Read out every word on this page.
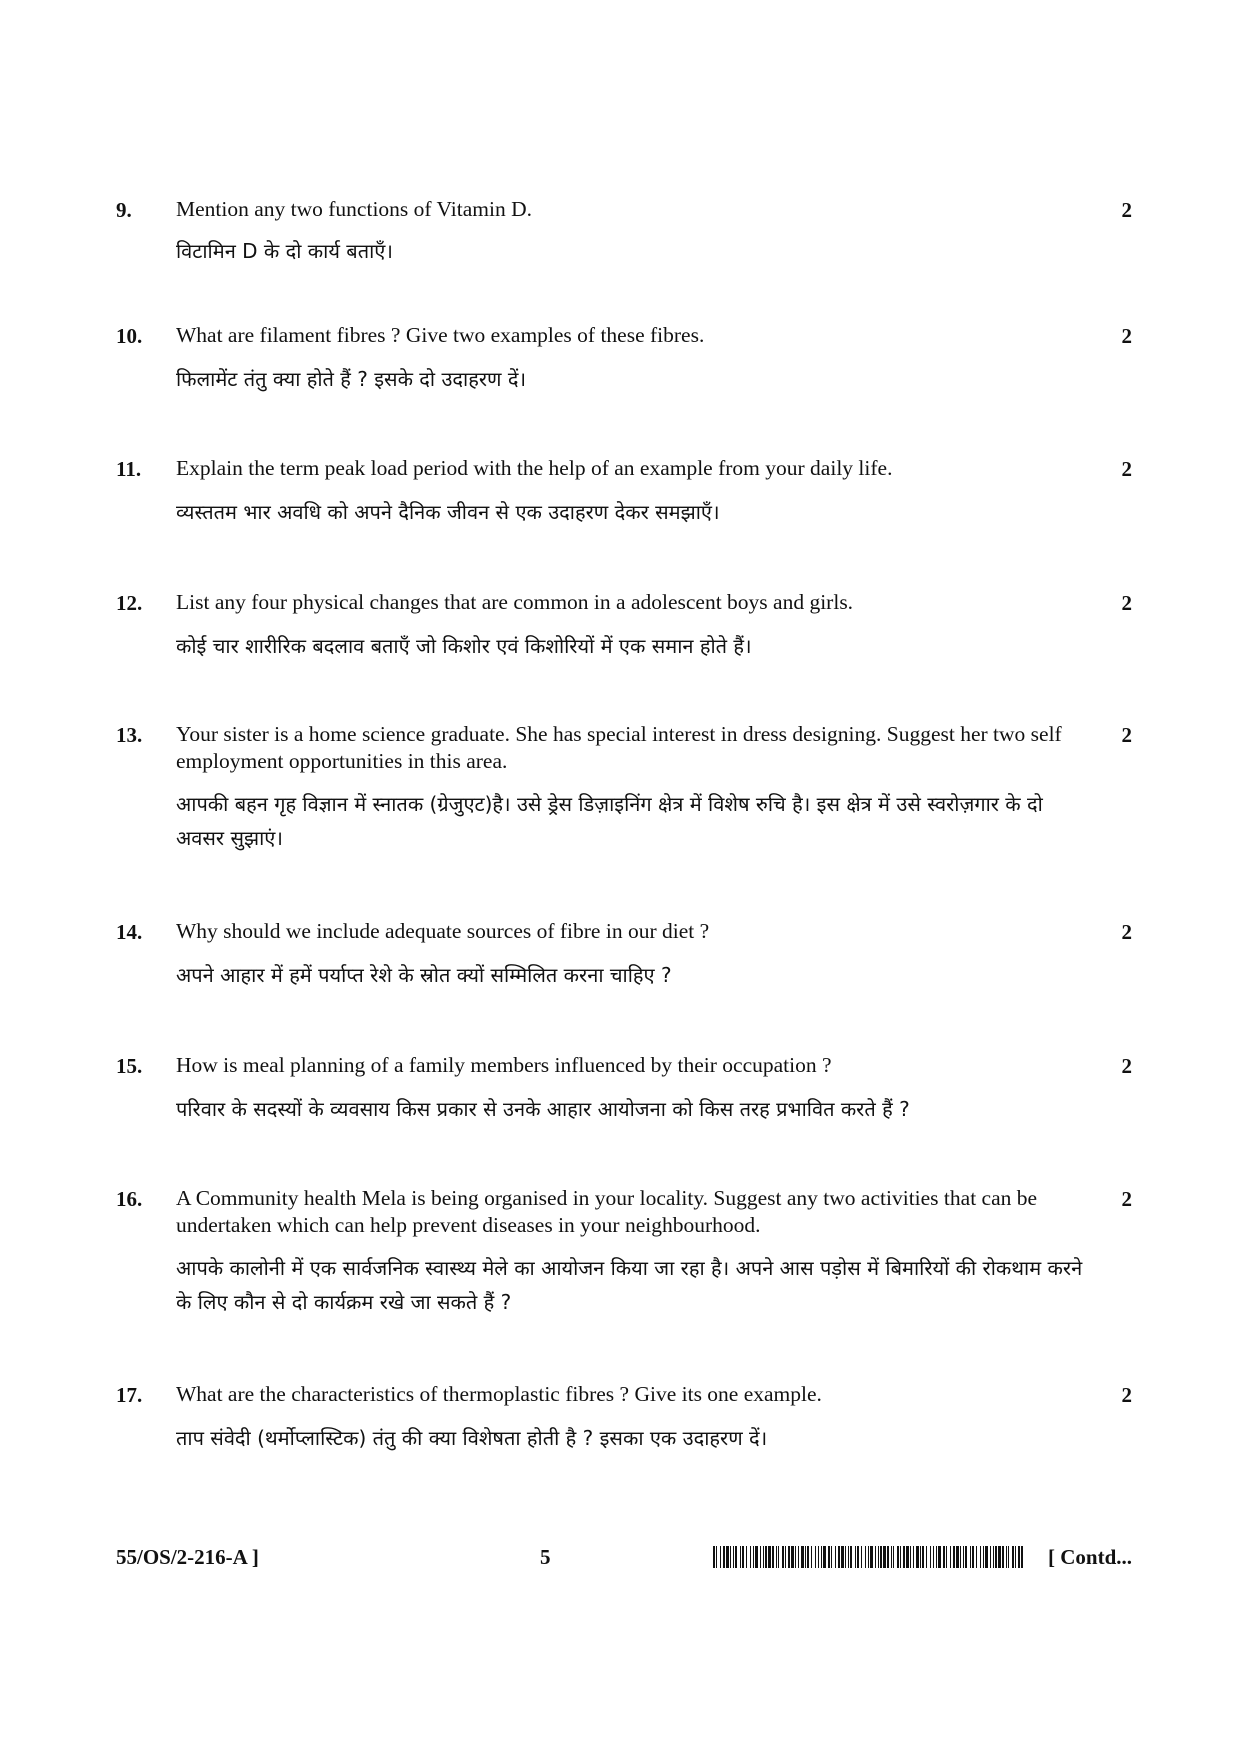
9. Mention any two functions of Vitamin D.
विटामिन D के दो कार्य बताएँ।
2
10. What are filament fibres ? Give two examples of these fibres.
फिलामेंट तंतु क्या होते हैं ? इसके दो उदाहरण दें।
2
11. Explain the term peak load period with the help of an example from your daily life.
व्यस्ततम भार अवधि को अपने दैनिक जीवन से एक उदाहरण देकर समझाएँ।
2
12. List any four physical changes that are common in a adolescent boys and girls.
कोई चार शारीरिक बदलाव बताएँ जो किशोर एवं किशोरियों में एक समान होते हैं।
2
13. Your sister is a home science graduate. She has special interest in dress designing. Suggest her two self employment opportunities in this area.
आपकी बहन गृह विज्ञान में स्नातक (ग्रेजुएट)है। उसे ड्रेस डिज़ाइनिंग क्षेत्र में विशेष रुचि है। इस क्षेत्र में उसे स्वरोज़गार के दो अवसर सुझाएं।
2
14. Why should we include adequate sources of fibre in our diet ?
अपने आहार में हमें पर्याप्त रेशे के स्रोत क्यों सम्मिलित करना चाहिए ?
2
15. How is meal planning of a family members influenced by their occupation ?
परिवार के सदस्यों के व्यवसाय किस प्रकार से उनके आहार आयोजना को किस तरह प्रभावित करते हैं ?
2
16. A Community health Mela is being organised in your locality. Suggest any two activities that can be undertaken which can help prevent diseases in your neighbourhood.
आपके कालोनी में एक सार्वजनिक स्वास्थ्य मेले का आयोजन किया जा रहा है। अपने आस पड़ोस में बिमारियों की रोकथाम करने के लिए कौन से दो कार्यक्रम रखे जा सकते हैं ?
2
17. What are the characteristics of thermoplastic fibres ? Give its one example.
ताप संवेदी (थर्मोप्लास्टिक) तंतु की क्या विशेषता होती है ? इसका एक उदाहरण दें।
2
55/OS/2-216-A ]	5	[ Contd...
